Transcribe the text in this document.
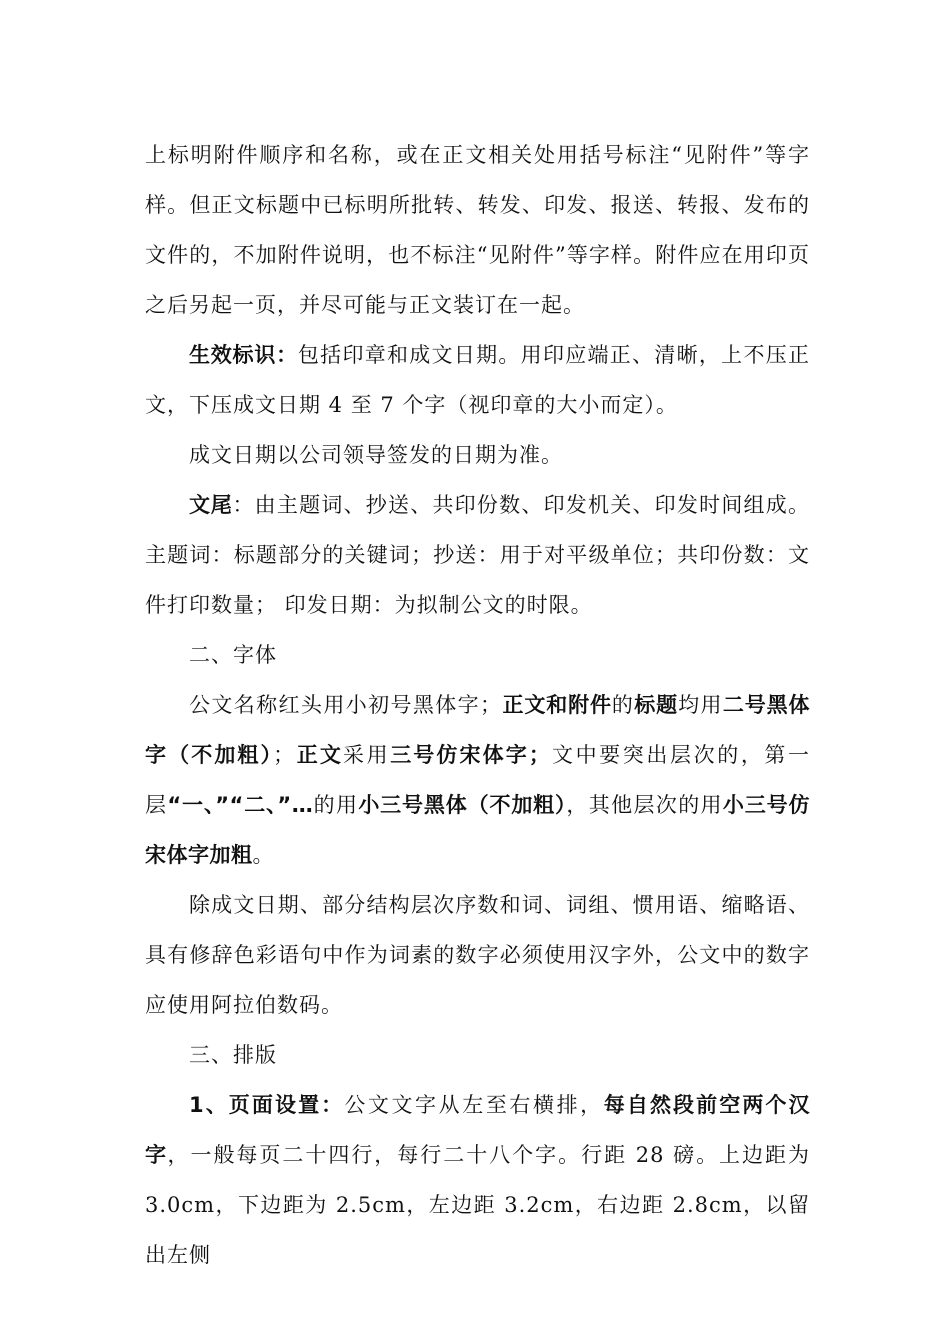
上标明附件顺序和名称，或在正文相关处用括号标注“见附件”等字样。但正文标题中已标明所批转、转发、印发、报送、转报、发布的文件的，不加附件说明，也不标注“见附件”等字样。附件应在用印页之后另起一页，并尽可能与正文装订在一起。

生效标识：包括印章和成文日期。用印应端正、清晰，上不压正文，下压成文日期 4 至 7 个字（视印章的大小而定）。

成文日期以公司领导签发的日期为准。

文尾：由主题词、抄送、共印份数、印发机关、印发时间组成。主题词：标题部分的关键词；抄送：用于对平级单位；共印份数：文件打印数量； 印发日期：为拟制公文的时限。

二、字体

公文名称红头用小初号黑体字；正文和附件的标题均用二号黑体字（不加粗）；正文采用三号仿宋体字；文中要突出层次的，第一层“一、”“二、”…的用小三号黑体（不加粗），其他层次的用小三号仿宋体字加粗。

除成文日期、部分结构层次序数和词、词组、惯用语、缩略语、具有修辞色彩语句中作为词素的数字必须使用汉字外，公文中的数字应使用阿拉伯数码。

三、排版

1、页面设置：公文文字从左至右横排，每自然段前空两个汉字，一般每页二十四行，每行二十八个字。行距 28 磅。上边距为 3.0cm，下边距为 2.5cm，左边距 3.2cm，右边距 2.8cm，以留出左侧
